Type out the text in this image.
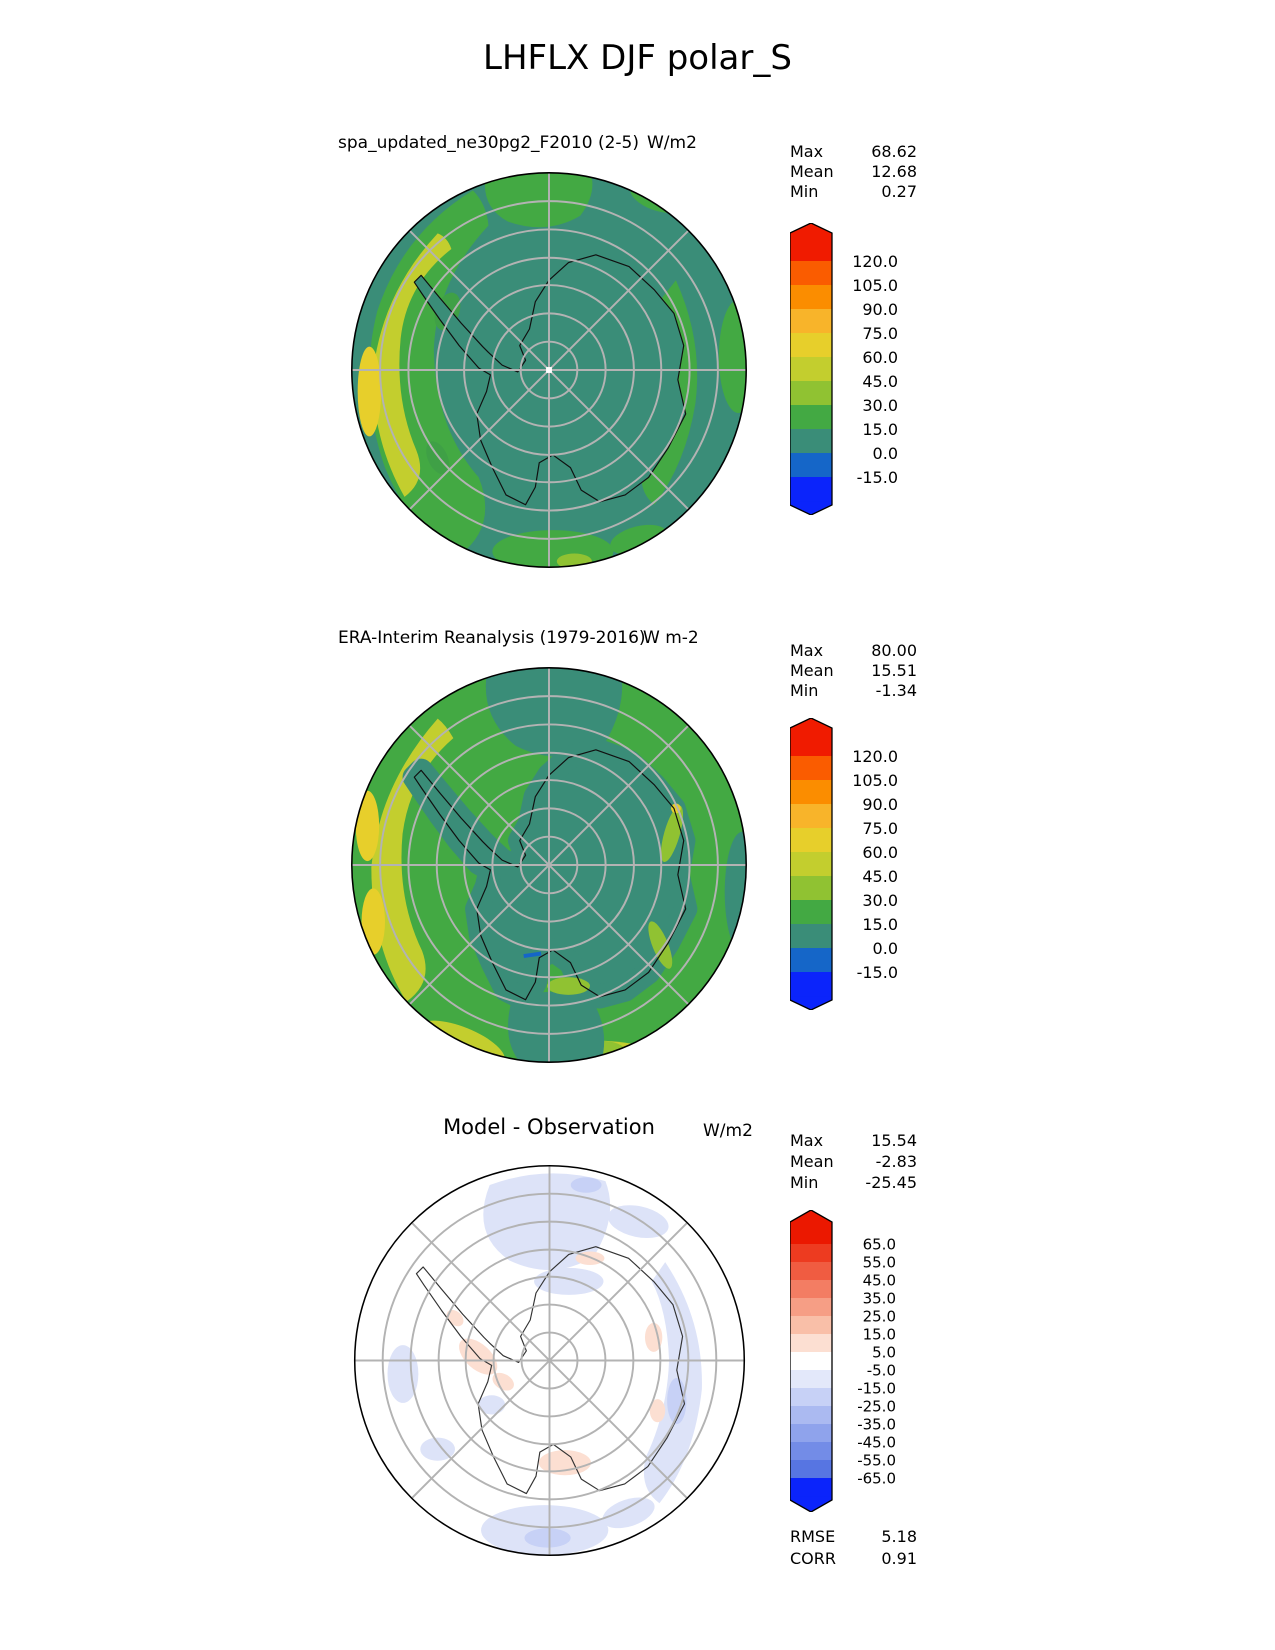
LHFLX DJF polar_S
spa_updated_ne30pg2_F2010 (2-5) W/m2	Max	68.62
Mean 12.68
Min	0.27
120.0
105.0
90.0
75.0
60.0
45.0
30.0
15.0
0.0
-15.0
ERA-Interim Reanalysis (1979-2016)
W m-2
Max	80.00
Mean 15.51
Min	-1.34
120.0
105.0
90.0
75.0
60.0
45.0
30.0
15.0
0.0
-15.0
Model - Observation	W/m2 Max	15.54
Mean	-2.83
Min	-25.45
65.0
55.0
45.0
35.0
25.0
15.0
5.0
-5.0
-15.0
-25.0
-35.0
-45.0
-55.0
-65.0
RMSE	5.18
CORR	0.91
